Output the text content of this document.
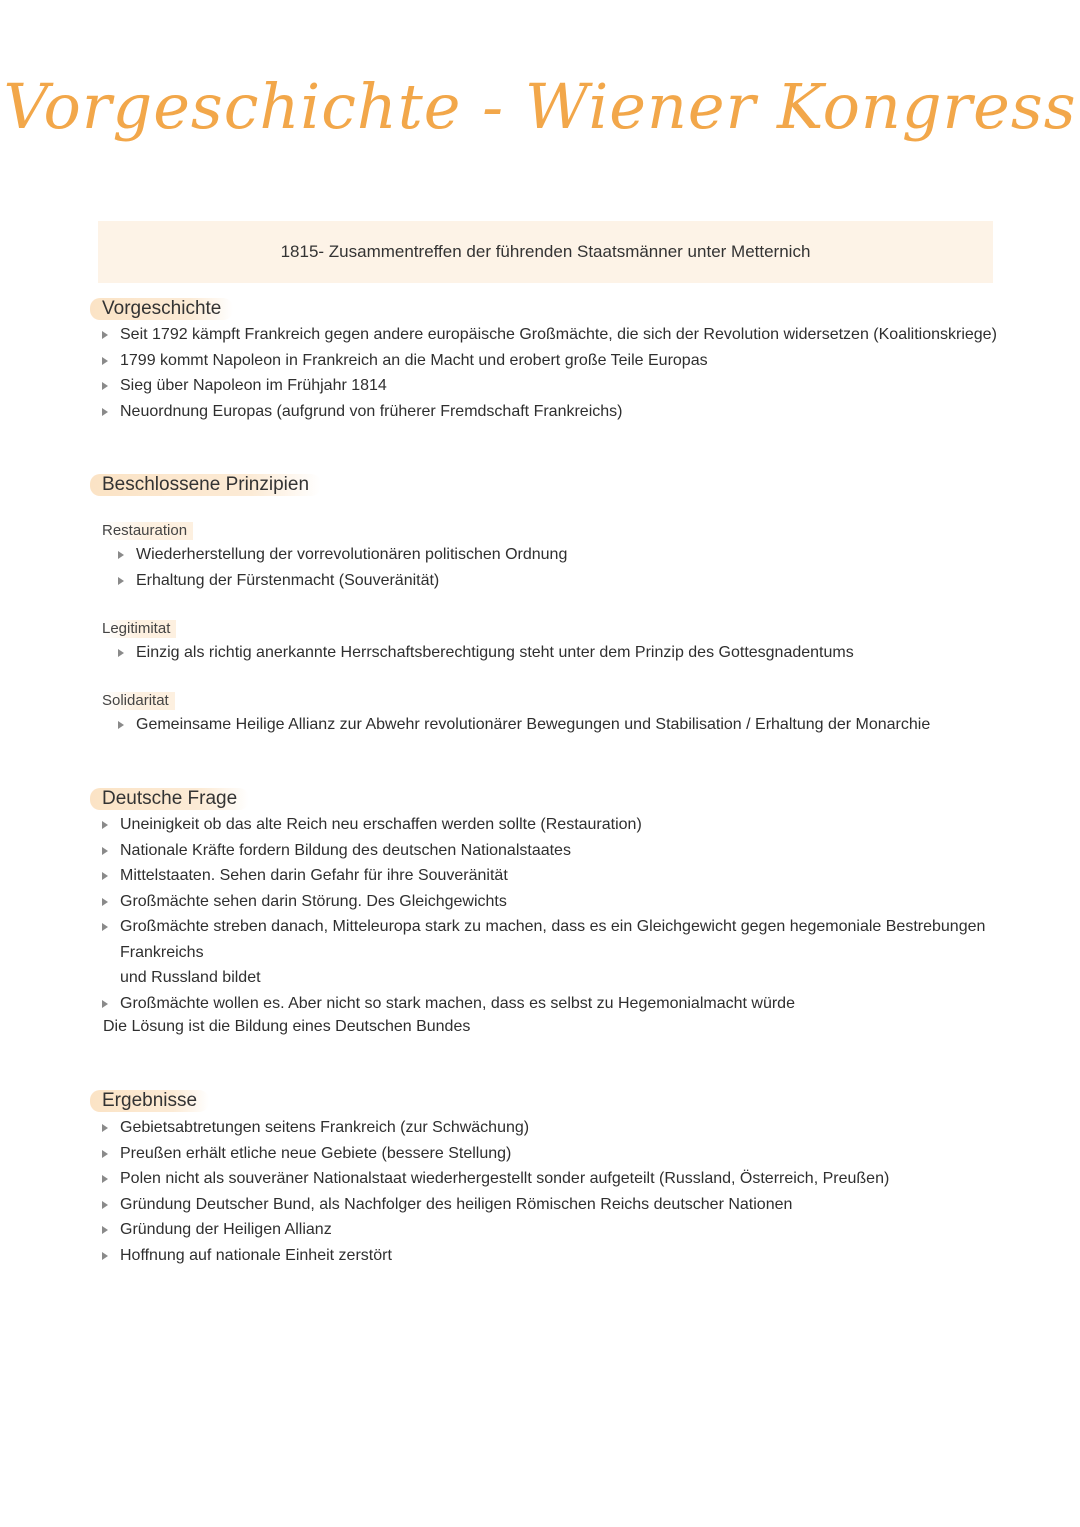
Vorgeschichte - Wiener Kongress
1815- Zusammentreffen der führenden Staatsmänner unter Metternich
Vorgeschichte
Seit 1792 kämpft Frankreich gegen andere europäische Großmächte, die sich der Revolution widersetzen (Koalitionskriege)
1799 kommt Napoleon in Frankreich an die Macht und erobert große Teile Europas
Sieg über Napoleon im Frühjahr 1814
Neuordnung Europas (aufgrund von früherer Fremdschaft Frankreichs)
Beschlossene Prinzipien
Restauration
Wiederherstellung der vorrevolutionären politischen Ordnung
Erhaltung der Fürstenmacht (Souveränität)
Legitimitat
Einzig als richtig anerkannte Herrschaftsberechtigung steht unter dem Prinzip des Gottesgnadentums
Solidaritat
Gemeinsame Heilige Allianz zur Abwehr revolutionärer Bewegungen und Stabilisation / Erhaltung der Monarchie
Deutsche Frage
Uneinigkeit ob das alte Reich neu erschaffen werden sollte (Restauration)
Nationale Kräfte fordern Bildung des deutschen Nationalstaates
Mittelstaaten. Sehen darin Gefahr für ihre Souveränität
Großmächte sehen darin Störung. Des Gleichgewichts
Großmächte streben danach, Mitteleuropa stark zu machen, dass es ein Gleichgewicht gegen hegemoniale Bestrebungen Frankreichs
und Russland bildet
Großmächte wollen es. Aber nicht so stark machen, dass es selbst zu Hegemonialmacht würde
Die Lösung ist die Bildung eines Deutschen Bundes
Ergebnisse
Gebietsabtretungen seitens Frankreich (zur Schwächung)
Preußen erhält etliche neue Gebiete (bessere Stellung)
Polen nicht als souveräner Nationalstaat wiederhergestellt sonder aufgeteilt (Russland, Österreich, Preußen)
Gründung Deutscher Bund, als Nachfolger des heiligen Römischen Reichs deutscher Nationen
Gründung der Heiligen Allianz
Hoffnung auf nationale Einheit zerstört
